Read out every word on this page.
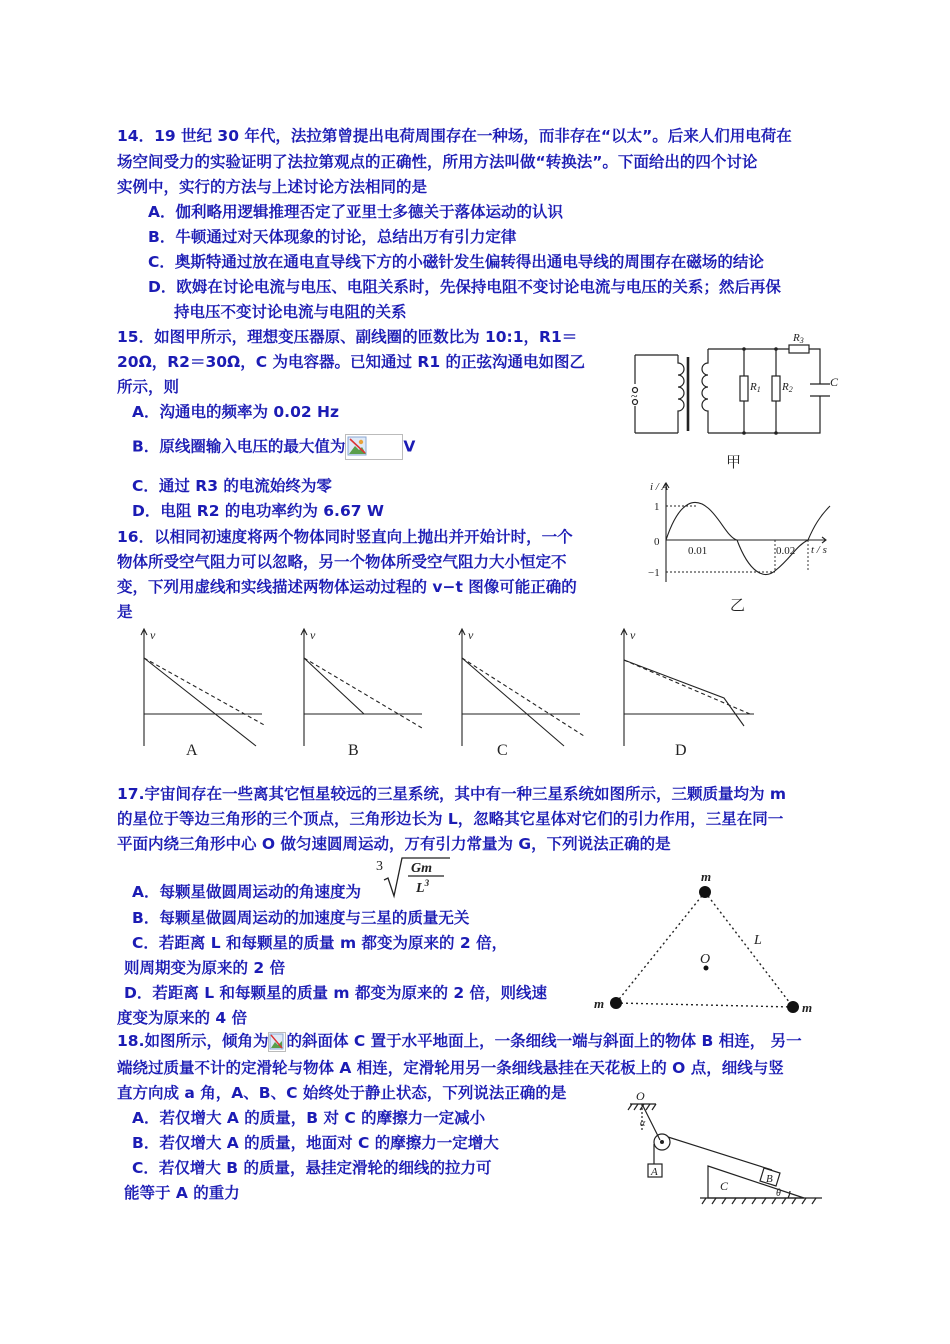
14．19 世纪 30 年代，法拉第曾提出电荷周围存在一种场，而非存在“以太”。后来人们用电荷在
场空间受力的实验证明了法拉第观点的正确性，所用方法叫做“转换法”。下面给出的四个讨论
实例中，实行的方法与上述讨论方法相同的是
A．伽利略用逻辑推理否定了亚里士多德关于落体运动的认识
B．牛顿通过对天体现象的讨论，总结出万有引力定律
C．奥斯特通过放在通电直导线下方的小磁针发生偏转得出通电导线的周围存在磁场的结论
D．欧姆在讨论电流与电压、电阻关系时，先保持电阻不变讨论电流与电压的关系；然后再保
持电压不变讨论电流与电阻的关系
15．如图甲所示，理想变压器原、副线圈的匝数比为 10:1，R1＝
20Ω，R2＝30Ω，C 为电容器。已知通过 R1 的正弦沟通电如图乙
所示，则
A．沟通电的频率为 0.02 Hz
B．原线圈输入电压的最大值为	V
C．通过 R3 的电流始终为零
D．电阻 R2 的电功率约为 6.67 W
R3
R1 R2
C
~
甲
i / A
t / s
1
−1
0
0.01	0.02
乙
16．以相同初速度将两个物体同时竖直向上抛出并开始计时，一个
物体所受空气阻力可以忽略，另一个物体所受空气阻力大小恒定不
变，下列用虚线和实线描述两物体运动过程的 v−t 图像可能正确的
是
v
A
v
B
v
C
v
D
17.宇宙间存在一些离其它恒星较远的三星系统，其中有一种三星系统如图所示，三颗质量均为 m
的星位于等边三角形的三个顶点，三角形边长为 L，忽略其它星体对它们的引力作用，三星在同一
平面内绕三角形中心 O 做匀速圆周运动，万有引力常量为 G，下列说法正确的是
A．每颗星做圆周运动的角速度为
3 Gm
$L^3$
B．每颗星做圆周运动的加速度与三星的质量无关
C．若距离 L 和每颗星的质量 m 都变为原来的 2 倍，
则周期变为原来的 2 倍
D．若距离 L 和每颗星的质量 m 都变为原来的 2 倍，则线速
度变为原来的 4 倍
m
m	m
L
O
18.如图所示，倾角为 的斜面体 C 置于水平地面上，一条细线一端与斜面上的物体 B 相连， 另一
端绕过质量不计的定滑轮与物体 A 相连，定滑轮用另一条细线悬挂在天花板上的 O 点，细线与竖
直方向成 a 角，A、B、C 始终处于静止状态，下列说法正确的是
A．若仅增大 A 的质量，B 对 C 的摩擦力一定减小
B．若仅增大 A 的质量，地面对 C 的摩擦力一定增大
C．若仅增大 B 的质量，悬挂定滑轮的细线的拉力可
能等于 A 的重力
O
α
A
B
C
θ
